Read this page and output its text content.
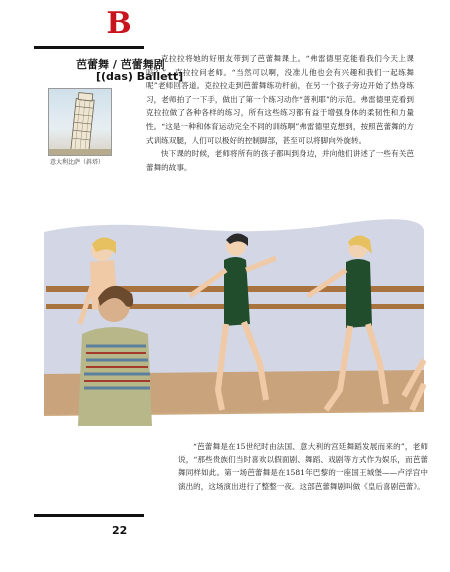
B
芭蕾舞 / 芭蕾舞剧
[(das) Ballett]
意大利比萨（斜塔）

克拉拉将她的好朋友带到了芭蕾舞课上。“弗雷德里克能看我们今天上课吗？”，克拉拉问老师。“当然可以啊，没准儿他也会有兴趣和我们一起练舞呢”老师回答道。克拉拉走到芭蕾舞练功杆前，在另一个孩子旁边开始了热身练习，老师拍了一下手，做出了第一个练习动作“普利耶”的示范。弗雷德里克看到克拉拉做了各种各样的练习，所有这些练习都有益于增强身体的柔韧性和力量性。“这是一种和体育运动完全不同的训练啊”弗雷德里克想到，按照芭蕾舞的方式训练双腿，人们可以极好的控制脚部，甚至可以将脚向外旋转。

快下课的时候，老师将所有的孩子都叫到身边，并向他们讲述了一些有关芭蕾舞的故事。

“芭蕾舞是在15世纪时由法国、意大利的宫廷舞蹈发展而来的”，老师说，“那些贵族们当时喜欢以假面剧、舞蹈、戏剧等方式作为娱乐，而芭蕾舞同样如此。第一场芭蕾舞是在1581年巴黎的一座国王城堡——卢浮宫中演出的，这场演出进行了整整一夜。这部芭蕾舞剧叫做《皇后喜剧芭蕾》。

22
